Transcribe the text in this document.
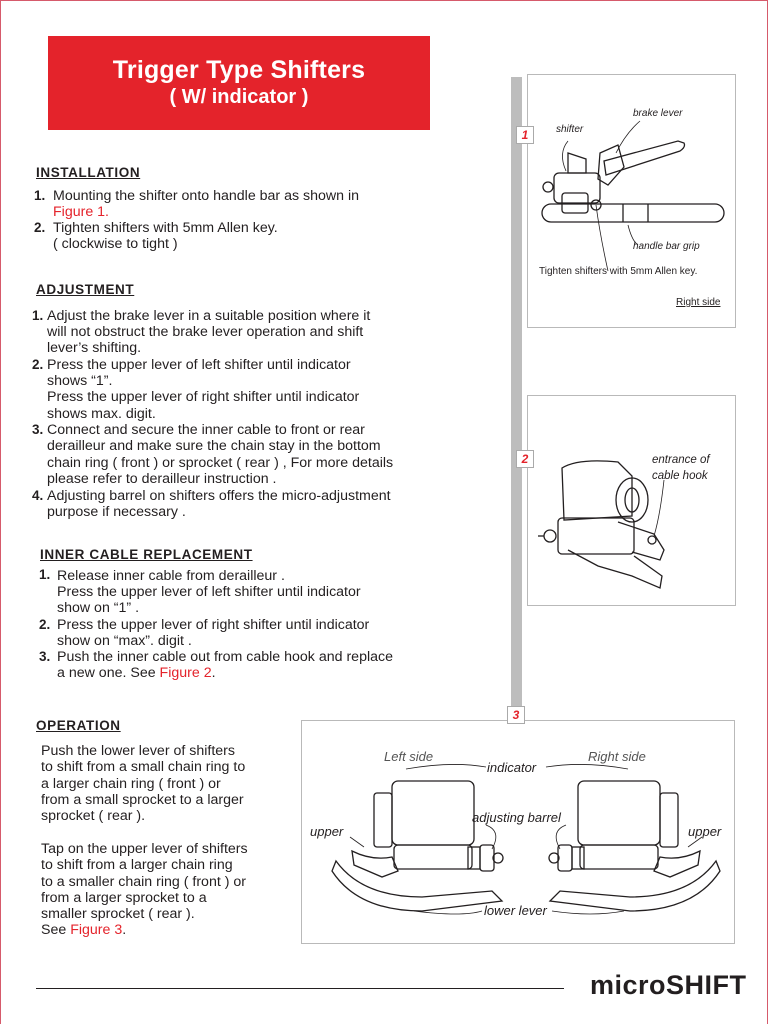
Trigger Type Shifters
( W/ indicator )
INSTALLATION
1. Mounting the shifter onto handle bar as shown in
Figure 1.
2. Tighten shifters with 5mm Allen key.
( clockwise to tight )
ADJUSTMENT
1. Adjust the brake lever in a suitable position where it
will not obstruct the brake lever operation and shift
lever’s shifting.
2. Press the upper lever of left shifter until indicator
shows “1”.
Press the upper lever of right shifter until indicator
shows max. digit.
3. Connect and secure the inner cable to front or rear
derailleur and make sure the chain stay in the bottom
chain ring ( front ) or sprocket ( rear ) , For more details
please refer to derailleur instruction .
4. Adjusting barrel on shifters offers the micro-adjustment
purpose if necessary .
INNER CABLE REPLACEMENT
1. Release inner cable from derailleur .
Press the upper lever of left shifter until indicator
show on “1” .
2. Press the upper lever of right shifter until indicator
show on “max”. digit .
3. Push the inner cable out from cable hook and replace
a new one. See Figure 2.
OPERATION
Push the lower lever of shifters
to shift from a small chain ring to
a larger chain ring ( front ) or
from a small sprocket to a larger
sprocket ( rear ).
Tap on the upper lever of shifters
to shift from a larger chain ring
to a smaller chain ring ( front ) or
from a larger sprocket to a
smaller sprocket ( rear ).
See Figure 3.
1	shifter
brake lever
handle bar grip
Tighten shifters with 5mm Allen key.
Right side
2	entrance of
cable hook
3
Left side	Right side
indicator
adjusting barrel
upper	upper
lower lever
microSHIFT
